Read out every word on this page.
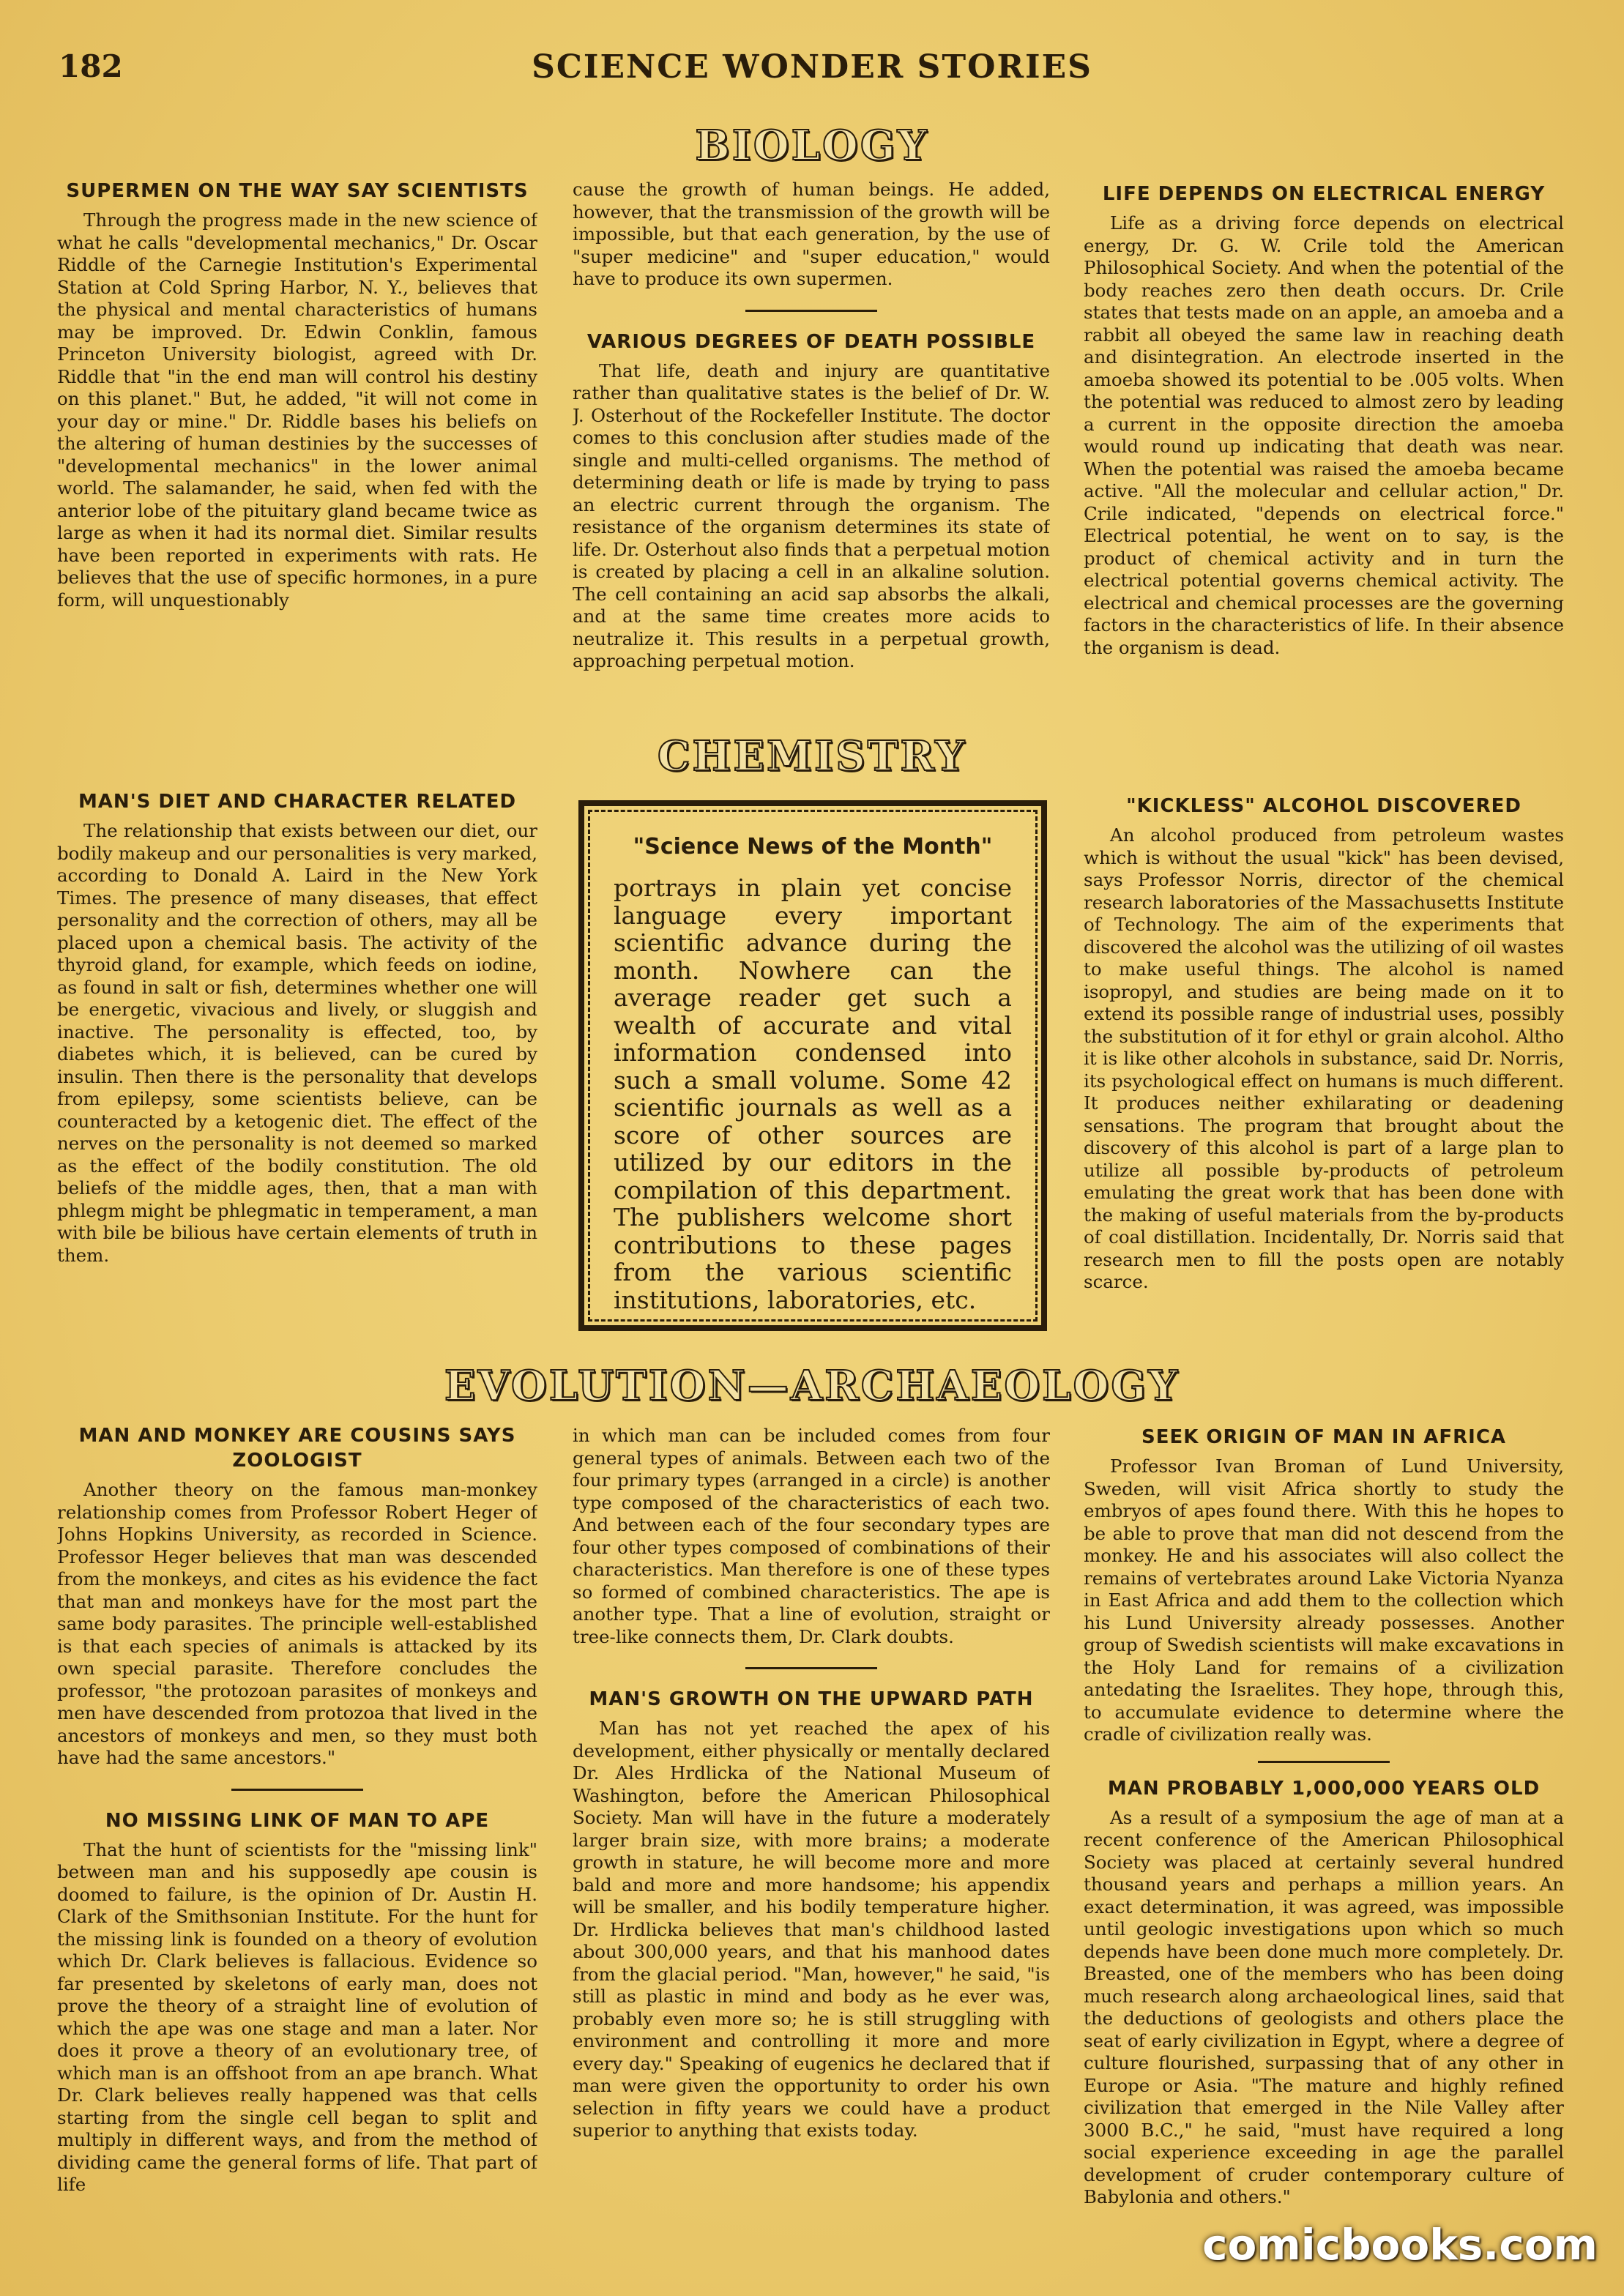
182	SCIENCE WONDER STORIES
BIOLOGY
SUPERMEN ON THE WAY SAY SCIENTISTS

Through the progress made in the new science of what he calls "developmental mechanics," Dr. Oscar Riddle of the Carnegie Institution's Experimental Station at Cold Spring Harbor, N. Y., believes that the physical and mental characteristics of humans may be improved. Dr. Edwin Conklin, famous Princeton University biologist, agreed with Dr. Riddle that "in the end man will control his destiny on this planet." But, he added, "it will not come in your day or mine." Dr. Riddle bases his beliefs on the altering of human destinies by the successes of "developmental mechanics" in the lower animal world. The salamander, he said, when fed with the anterior lobe of the pituitary gland became twice as large as when it had its normal diet. Similar results have been reported in experiments with rats. He believes that the use of specific hormones, in a pure form, will unquestionably

cause the growth of human beings. He added, however, that the transmission of the growth will be impossible, but that each generation, by the use of "super medicine" and "super education," would have to produce its own supermen.

VARIOUS DEGREES OF DEATH POSSIBLE

That life, death and injury are quantitative rather than qualitative states is the belief of Dr. W. J. Osterhout of the Rockefeller Institute. The doctor comes to this conclusion after studies made of the single and multi-celled organisms. The method of determining death or life is made by trying to pass an electric current through the organism. The resistance of the organism determines its state of life. Dr. Osterhout also finds that a perpetual motion is created by placing a cell in an alkaline solution. The cell containing an acid sap absorbs the alkali, and at the same time creates more acids to neutralize it. This results in a perpetual growth, approaching perpetual motion.

LIFE DEPENDS ON ELECTRICAL ENERGY

Life as a driving force depends on electrical energy, Dr. G. W. Crile told the American Philosophical Society. And when the potential of the body reaches zero then death occurs. Dr. Crile states that tests made on an apple, an amoeba and a rabbit all obeyed the same law in reaching death and disintegration. An electrode inserted in the amoeba showed its potential to be .005 volts. When the potential was reduced to almost zero by leading a current in the opposite direction the amoeba would round up indicating that death was near. When the potential was raised the amoeba became active. "All the molecular and cellular action," Dr. Crile indicated, "depends on electrical force." Electrical potential, he went on to say, is the product of chemical activity and in turn the electrical potential governs chemical activity. The electrical and chemical processes are the governing factors in the characteristics of life. In their absence the organism is dead.

CHEMISTRY
MAN'S DIET AND CHARACTER RELATED

The relationship that exists between our diet, our bodily makeup and our personalities is very marked, according to Donald A. Laird in the New York Times. The presence of many diseases, that effect personality and the correction of others, may all be placed upon a chemical basis. The activity of the thyroid gland, for example, which feeds on iodine, as found in salt or fish, determines whether one will be energetic, vivacious and lively, or sluggish and inactive. The personality is effected, too, by diabetes which, it is believed, can be cured by insulin. Then there is the personality that develops from epilepsy, some scientists believe, can be counteracted by a ketogenic diet. The effect of the nerves on the personality is not deemed so marked as the effect of the bodily constitution. The old beliefs of the middle ages, then, that a man with phlegm might be phlegmatic in temperament, a man with bile be bilious have certain elements of truth in them.

"Science News of the Month"

portrays in plain yet concise language every important scientific advance during the month. Nowhere can the average reader get such a wealth of accurate and vital information condensed into such a small volume. Some 42 scientific journals as well as a score of other sources are utilized by our editors in the compilation of this department. The publishers welcome short contributions to these pages from the various scientific institutions, laboratories, etc.

"KICKLESS" ALCOHOL DISCOVERED

An alcohol produced from petroleum wastes which is without the usual "kick" has been devised, says Professor Norris, director of the chemical research laboratories of the Massachusetts Institute of Technology. The aim of the experiments that discovered the alcohol was the utilizing of oil wastes to make useful things. The alcohol is named isopropyl, and studies are being made on it to extend its possible range of industrial uses, possibly the substitution of it for ethyl or grain alcohol. Altho it is like other alcohols in substance, said Dr. Norris, its psychological effect on humans is much different. It produces neither exhilarating or deadening sensations. The program that brought about the discovery of this alcohol is part of a large plan to utilize all possible by-products of petroleum emulating the great work that has been done with the making of useful materials from the by-products of coal distillation. Incidentally, Dr. Norris said that research men to fill the posts open are notably scarce.

EVOLUTION—ARCHAEOLOGY
MAN AND MONKEY ARE COUSINS SAYS ZOOLOGIST

Another theory on the famous man-monkey relationship comes from Professor Robert Heger of Johns Hopkins University, as recorded in Science. Professor Heger believes that man was descended from the monkeys, and cites as his evidence the fact that man and monkeys have for the most part the same body parasites. The principle well-established is that each species of animals is attacked by its own special parasite. Therefore concludes the professor, "the protozoan parasites of monkeys and men have descended from protozoa that lived in the ancestors of monkeys and men, so they must both have had the same ancestors."

NO MISSING LINK OF MAN TO APE

That the hunt of scientists for the "missing link" between man and his supposedly ape cousin is doomed to failure, is the opinion of Dr. Austin H. Clark of the Smithsonian Institute. For the hunt for the missing link is founded on a theory of evolution which Dr. Clark believes is fallacious. Evidence so far presented by skeletons of early man, does not prove the theory of a straight line of evolution of which the ape was one stage and man a later. Nor does it prove a theory of an evolutionary tree, of which man is an offshoot from an ape branch. What Dr. Clark believes really happened was that cells starting from the single cell began to split and multiply in different ways, and from the method of dividing came the general forms of life. That part of life

in which man can be included comes from four general types of animals. Between each two of the four primary types (arranged in a circle) is another type composed of the characteristics of each two. And between each of the four secondary types are four other types composed of combinations of their characteristics. Man therefore is one of these types so formed of combined characteristics. The ape is another type. That a line of evolution, straight or tree-like connects them, Dr. Clark doubts.

MAN'S GROWTH ON THE UPWARD PATH

Man has not yet reached the apex of his development, either physically or mentally declared Dr. Ales Hrdlicka of the National Museum of Washington, before the American Philosophical Society. Man will have in the future a moderately larger brain size, with more brains; a moderate growth in stature, he will become more and more bald and more and more handsome; his appendix will be smaller, and his bodily temperature higher. Dr. Hrdlicka believes that man's childhood lasted about 300,000 years, and that his manhood dates from the glacial period. "Man, however," he said, "is still as plastic in mind and body as he ever was, probably even more so; he is still struggling with environment and controlling it more and more every day." Speaking of eugenics he declared that if man were given the opportunity to order his own selection in fifty years we could have a product superior to anything that exists today.

SEEK ORIGIN OF MAN IN AFRICA

Professor Ivan Broman of Lund University, Sweden, will visit Africa shortly to study the embryos of apes found there. With this he hopes to be able to prove that man did not descend from the monkey. He and his associates will also collect the remains of vertebrates around Lake Victoria Nyanza in East Africa and add them to the collection which his Lund University already possesses. Another group of Swedish scientists will make excavations in the Holy Land for remains of a civilization antedating the Israelites. They hope, through this, to accumulate evidence to determine where the cradle of civilization really was.

MAN PROBABLY 1,000,000 YEARS OLD

As a result of a symposium the age of man at a recent conference of the American Philosophical Society was placed at certainly several hundred thousand years and perhaps a million years. An exact determination, it was agreed, was impossible until geologic investigations upon which so much depends have been done much more completely. Dr. Breasted, one of the members who has been doing much research along archaeological lines, said that the deductions of geologists and others place the seat of early civilization in Egypt, where a degree of culture flourished, surpassing that of any other in Europe or Asia. "The mature and highly refined civilization that emerged in the Nile Valley after 3000 B.C.," he said, "must have required a long social experience exceeding in age the parallel development of cruder contemporary culture of Babylonia and others."

comicbooks.com
